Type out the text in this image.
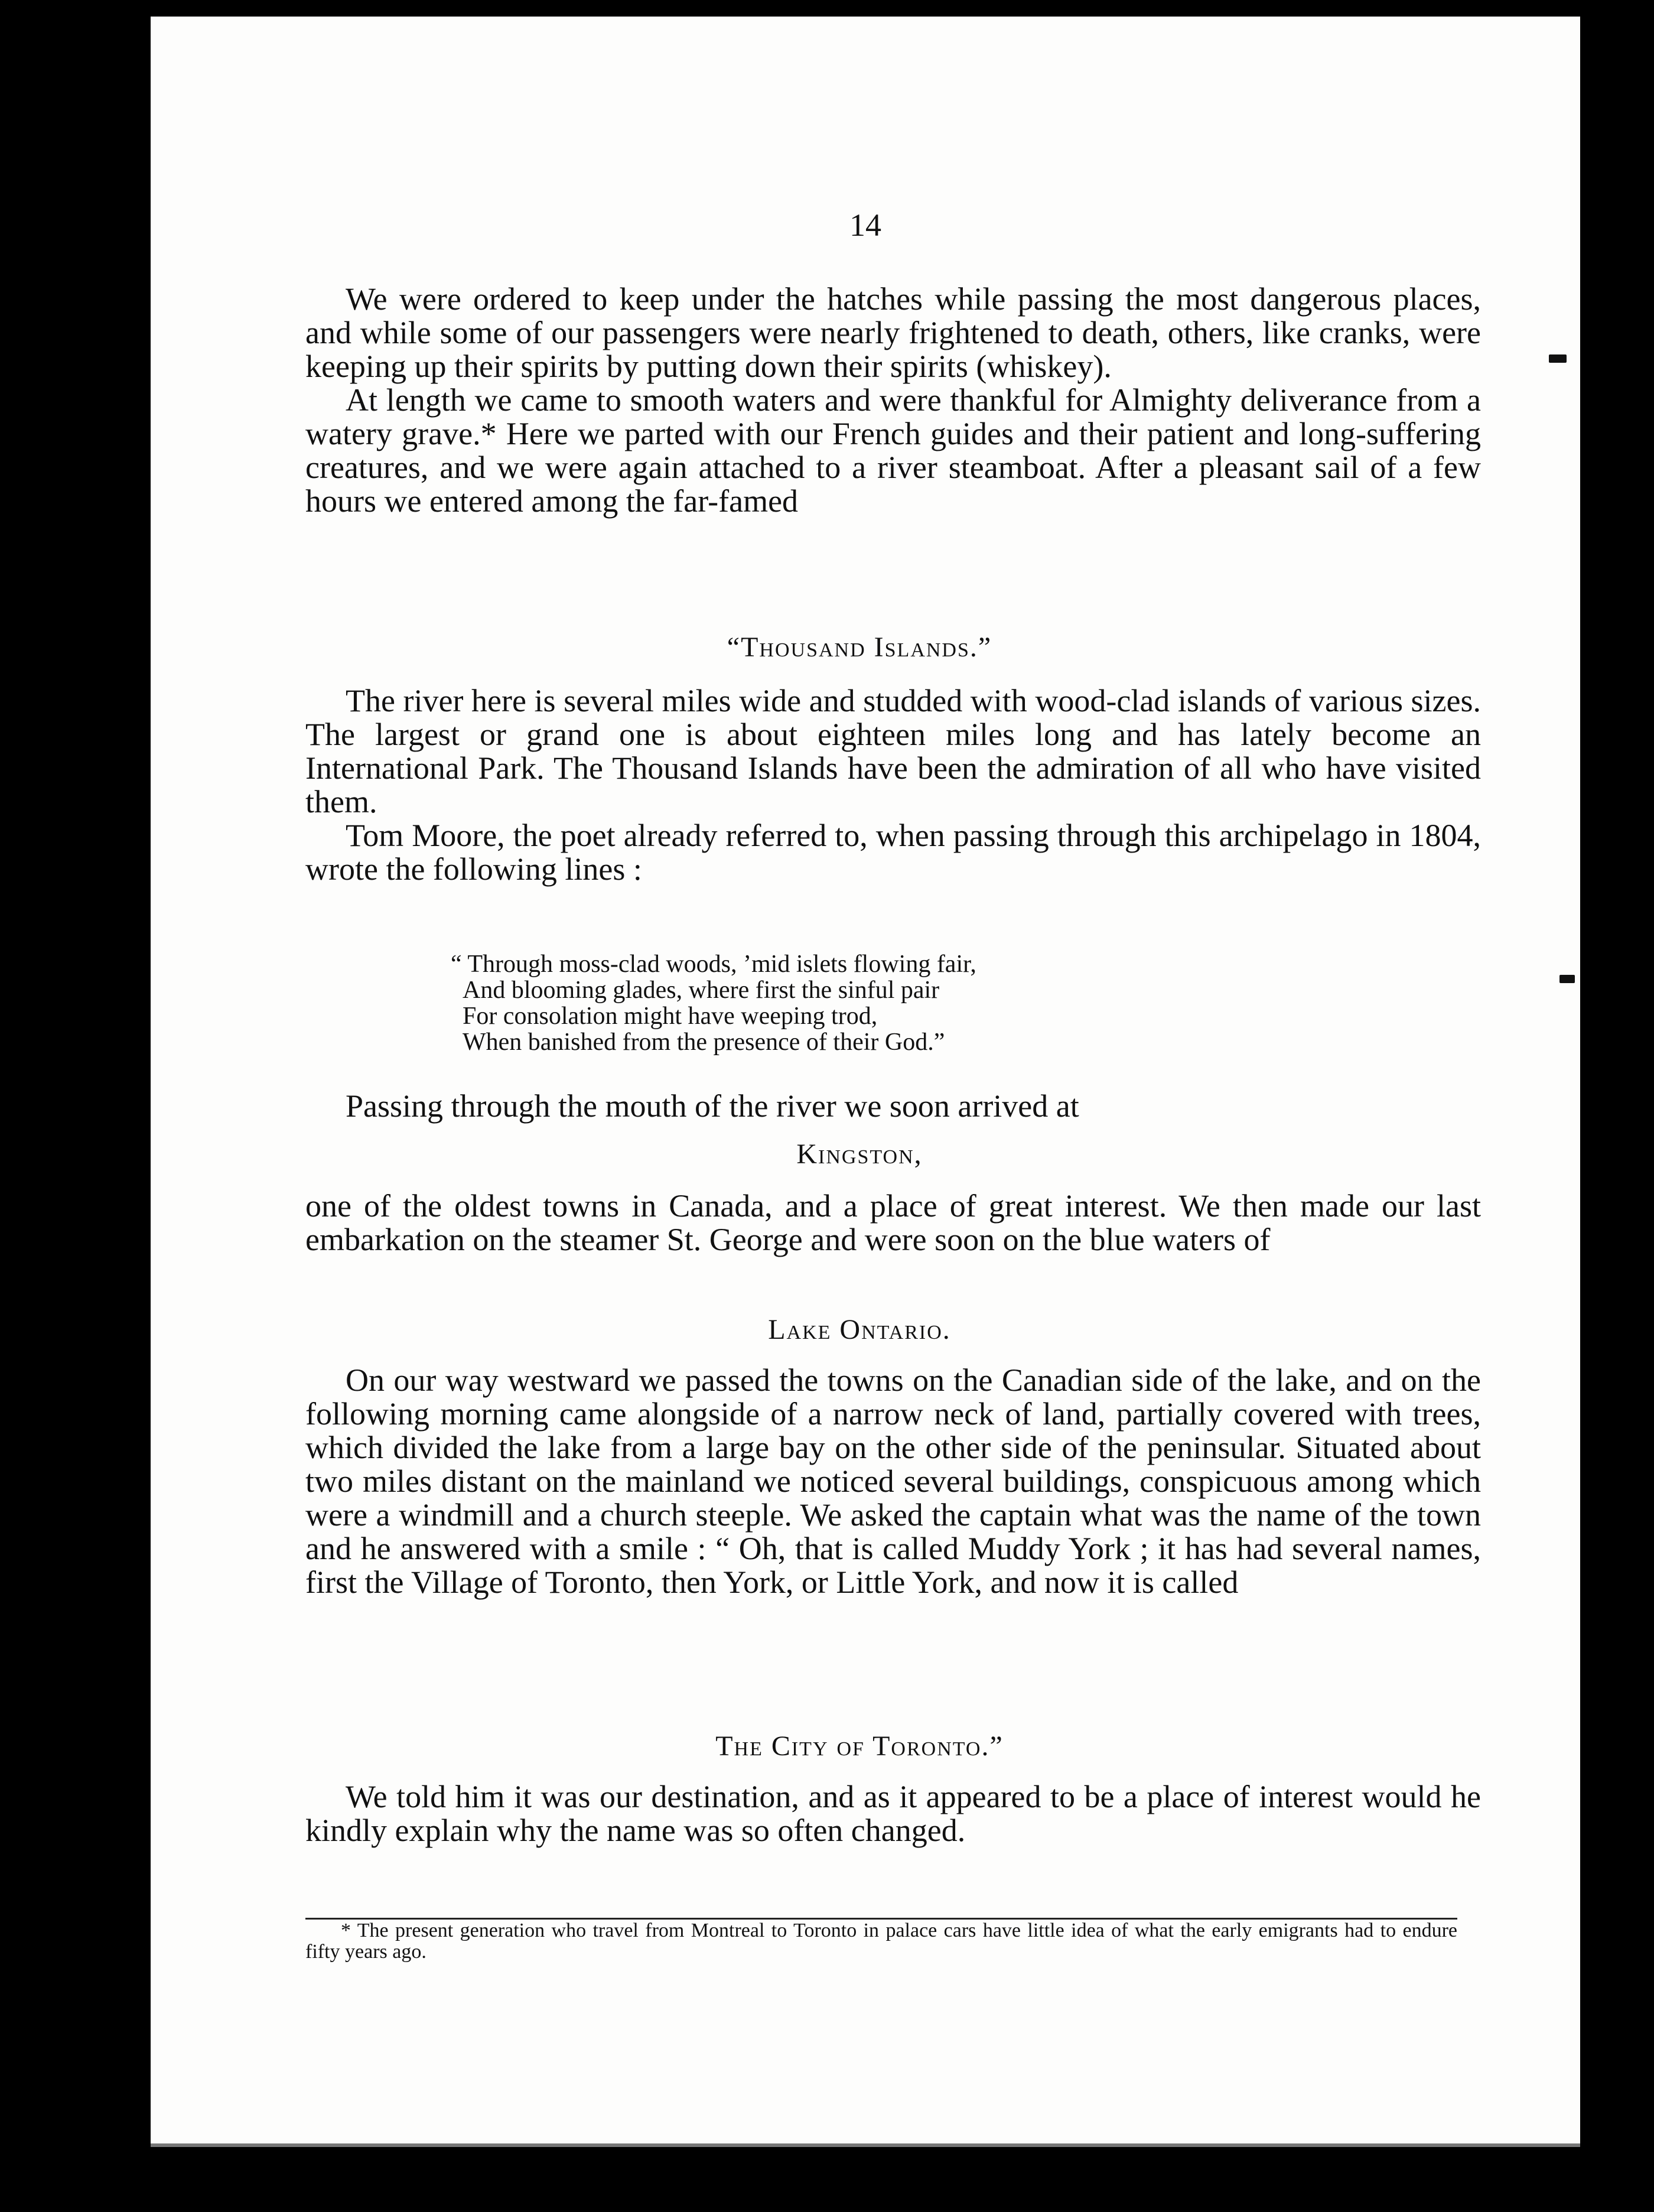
14

We were ordered to keep under the hatches while passing the most dangerous places, and while some of our passengers were nearly frightened to death, others, like cranks, were keeping up their spirits by putting down their spirits (whiskey).

At length we came to smooth waters and were thankful for Almighty deliverance from a watery grave.* Here we parted with our French guides and their patient and long-suffering creatures, and we were again attached to a river steamboat. After a pleasant sail of a few hours we entered among the far-famed

“Thousand Islands.”

The river here is several miles wide and studded with wood-clad islands of various sizes. The largest or grand one is about eighteen miles long and has lately become an International Park. The Thousand Islands have been the admiration of all who have visited them.

Tom Moore, the poet already referred to, when passing through this archipelago in 1804, wrote the following lines :

“ Through moss-clad woods, ’mid islets flowing fair,
And blooming glades, where first the sinful pair
For consolation might have weeping trod,
When banished from the presence of their God.”

Passing through the mouth of the river we soon arrived at

Kingston,

one of the oldest towns in Canada, and a place of great interest. We then made our last embarkation on the steamer St. George and were soon on the blue waters of

Lake Ontario.

On our way westward we passed the towns on the Canadian side of the lake, and on the following morning came alongside of a narrow neck of land, partially covered with trees, which divided the lake from a large bay on the other side of the peninsular. Situated about two miles distant on the mainland we noticed several buildings, conspicuous among which were a windmill and a church steeple. We asked the captain what was the name of the town and he answered with a smile : “ Oh, that is called Muddy York ; it has had several names, first the Village of Toronto, then York, or Little York, and now it is called

The City of Toronto.”

We told him it was our destination, and as it appeared to be a place of interest would he kindly explain why the name was so often changed.

* The present generation who travel from Montreal to Toronto in palace cars have little idea of what the early emigrants had to endure fifty years ago.
